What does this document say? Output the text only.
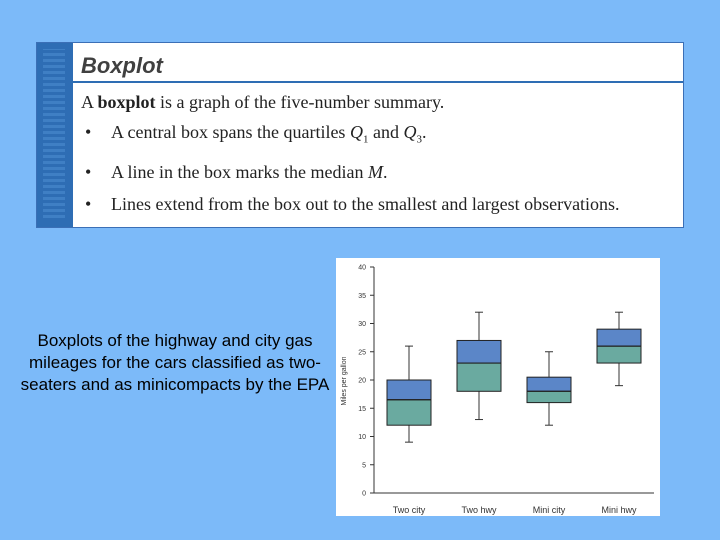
Boxplot

A boxplot is a graph of the five-number summary.

• A central box spans the quartiles $Q_1$ and $Q_3$.
• A line in the box marks the median M.
• Lines extend from the box out to the smallest and largest observations.
Boxplots of the highway and city gas mileages for the cars classified as two-seaters and as minicompacts by the EPA
0
5
10
15
20
25
30
35
40
Miles per gallon
Two city	Two hwy	Mini city	Mini hwy
